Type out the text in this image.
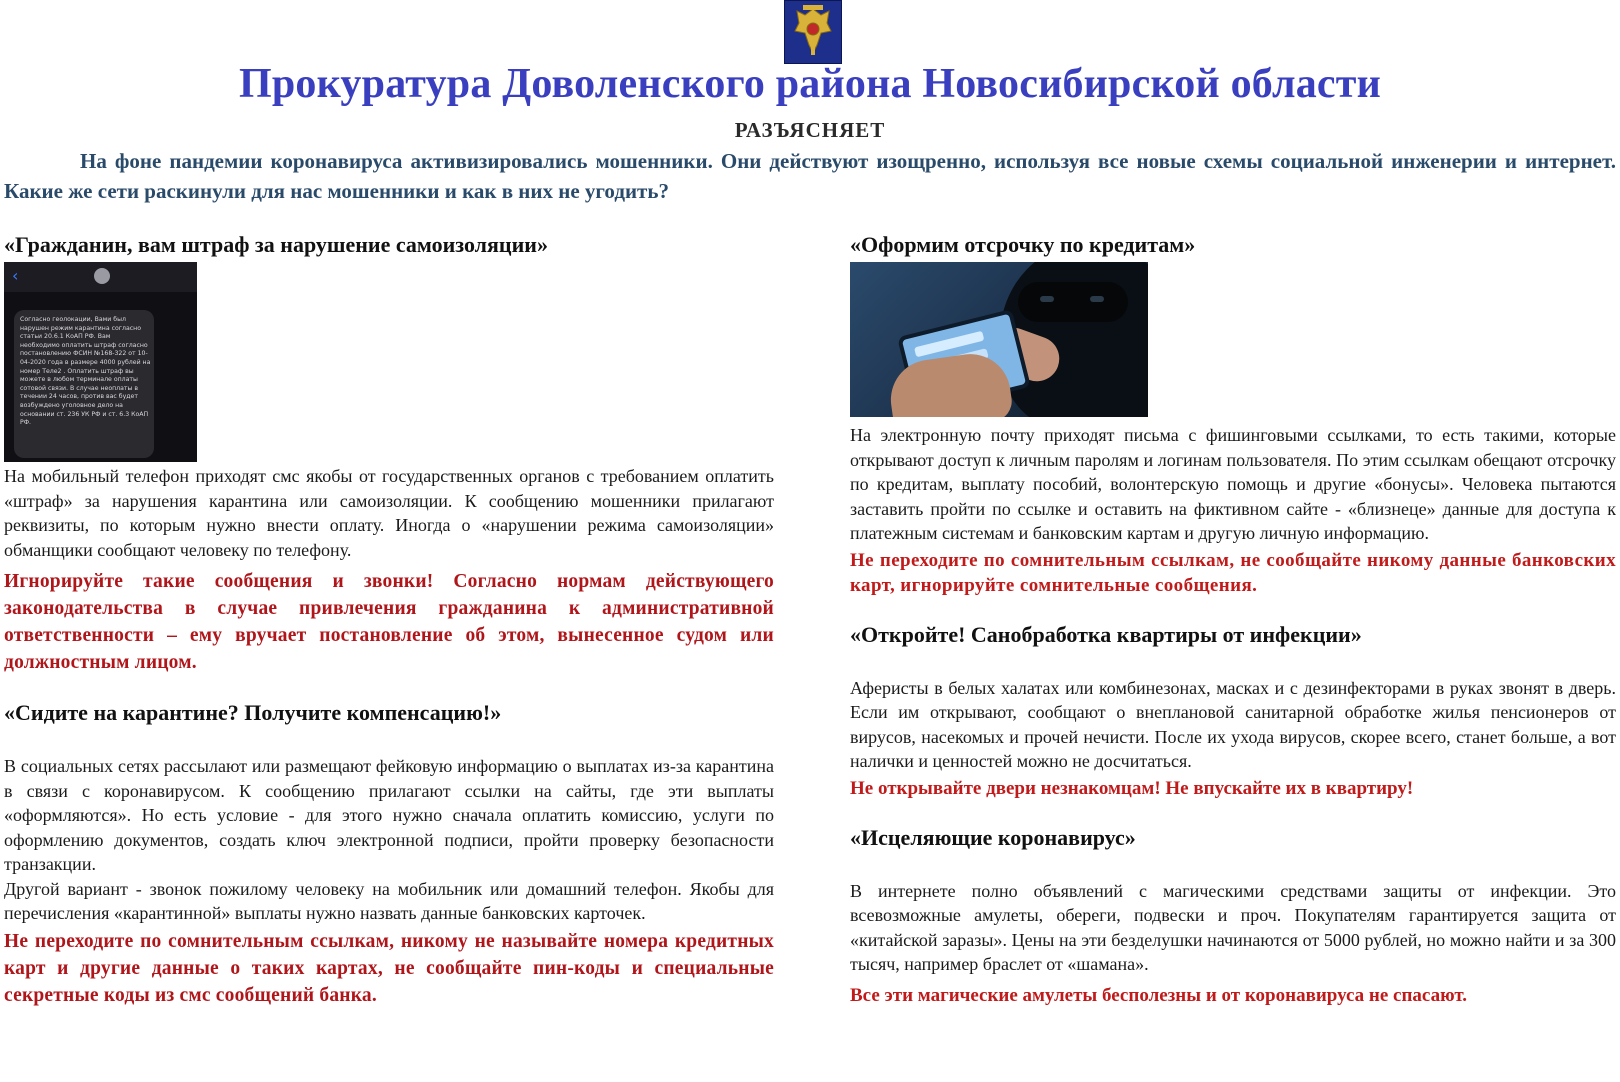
Прокуратура Доволенского района Новосибирской области
РАЗЪЯСНЯЕТ
На фоне пандемии коронавируса активизировались мошенники. Они действуют изощренно, используя все новые схемы социальной инженерии и интернет. Какие же сети раскинули для нас мошенники и как в них не угодить?
«Гражданин, вам штраф за нарушение самоизоляции»
‹
Согласно геолокации, Вами был нарушен режим карантина согласно статьи 20.6.1 КоАП РФ. Вам необходимо оплатить штраф согласно постановлению ФСИН №168-322 от 10-04-2020 года в размере 4000 рублей на номер Теле2 . Оплатить штраф вы можете в любом терминале оплаты сотовой связи. В случае неоплаты в течении 24 часов, против вас будет возбуждено уголовное дело на основании ст. 236 УК РФ и ст. 6.3 КоАП РФ.

На мобильный телефон приходят смс якобы от государственных органов с требованием оплатить «штраф» за нарушения карантина или самоизоляции. К сообщению мошенники прилагают реквизиты, по которым нужно внести оплату. Иногда о «нарушении режима самоизоляции» обманщики сообщают человеку по телефону.

Игнорируйте такие сообщения и звонки! Согласно нормам действующего законодательства в случае привлечения гражданина к административной ответственности – ему вручает постановление об этом, вынесенное судом или должностным лицом.

«Сидите на карантине? Получите компенсацию!»

В социальных сетях рассылают или размещают фейковую информацию о выплатах из-за карантина в связи с коронавирусом. К сообщению прилагают ссылки на сайты, где эти выплаты «оформляются». Но есть условие - для этого нужно сначала оплатить комиссию, услуги по оформлению документов, создать ключ электронной подписи, пройти проверку безопасности транзакции.

Другой вариант - звонок пожилому человеку на мобильник или домашний телефон. Якобы для перечисления «карантинной» выплаты нужно назвать данные банковских карточек.

Не переходите по сомнительным ссылкам, никому не называйте номера кредитных карт и другие данные о таких картах, не сообщайте пин-коды и специальные секретные коды из смс сообщений банка.

«Оформим отсрочку по кредитам»

На электронную почту приходят письма с фишинговыми ссылками, то есть такими, которые открывают доступ к личным паролям и логинам пользователя. По этим ссылкам обещают отсрочку по кредитам, выплату пособий, волонтерскую помощь и другие «бонусы». Человека пытаются заставить пройти по ссылке и оставить на фиктивном сайте - «близнеце» данные для доступа к платежным системам и банковским картам и другую личную информацию.

Не переходите по сомнительным ссылкам, не сообщайте никому данные банковских карт, игнорируйте сомнительные сообщения.

«Откройте! Санобработка квартиры от инфекции»

Аферисты в белых халатах или комбинезонах, масках и с дезинфекторами в руках звонят в дверь. Если им открывают, сообщают о внеплановой санитарной обработке жилья пенсионеров от вирусов, насекомых и прочей нечисти. После их ухода вирусов, скорее всего, станет больше, а вот налички и ценностей можно не досчитаться.

Не открывайте двери незнакомцам! Не впускайте их в квартиру!

«Исцеляющие коронавирус»

В интернете полно объявлений с магическими средствами защиты от инфекции. Это всевозможные амулеты, обереги, подвески и проч. Покупателям гарантируется защита от «китайской заразы». Цены на эти безделушки начинаются от 5000 рублей, но можно найти и за 300 тысяч, например браслет от «шамана».

Все эти магические амулеты бесполезны и от коронавируса не спасают.
